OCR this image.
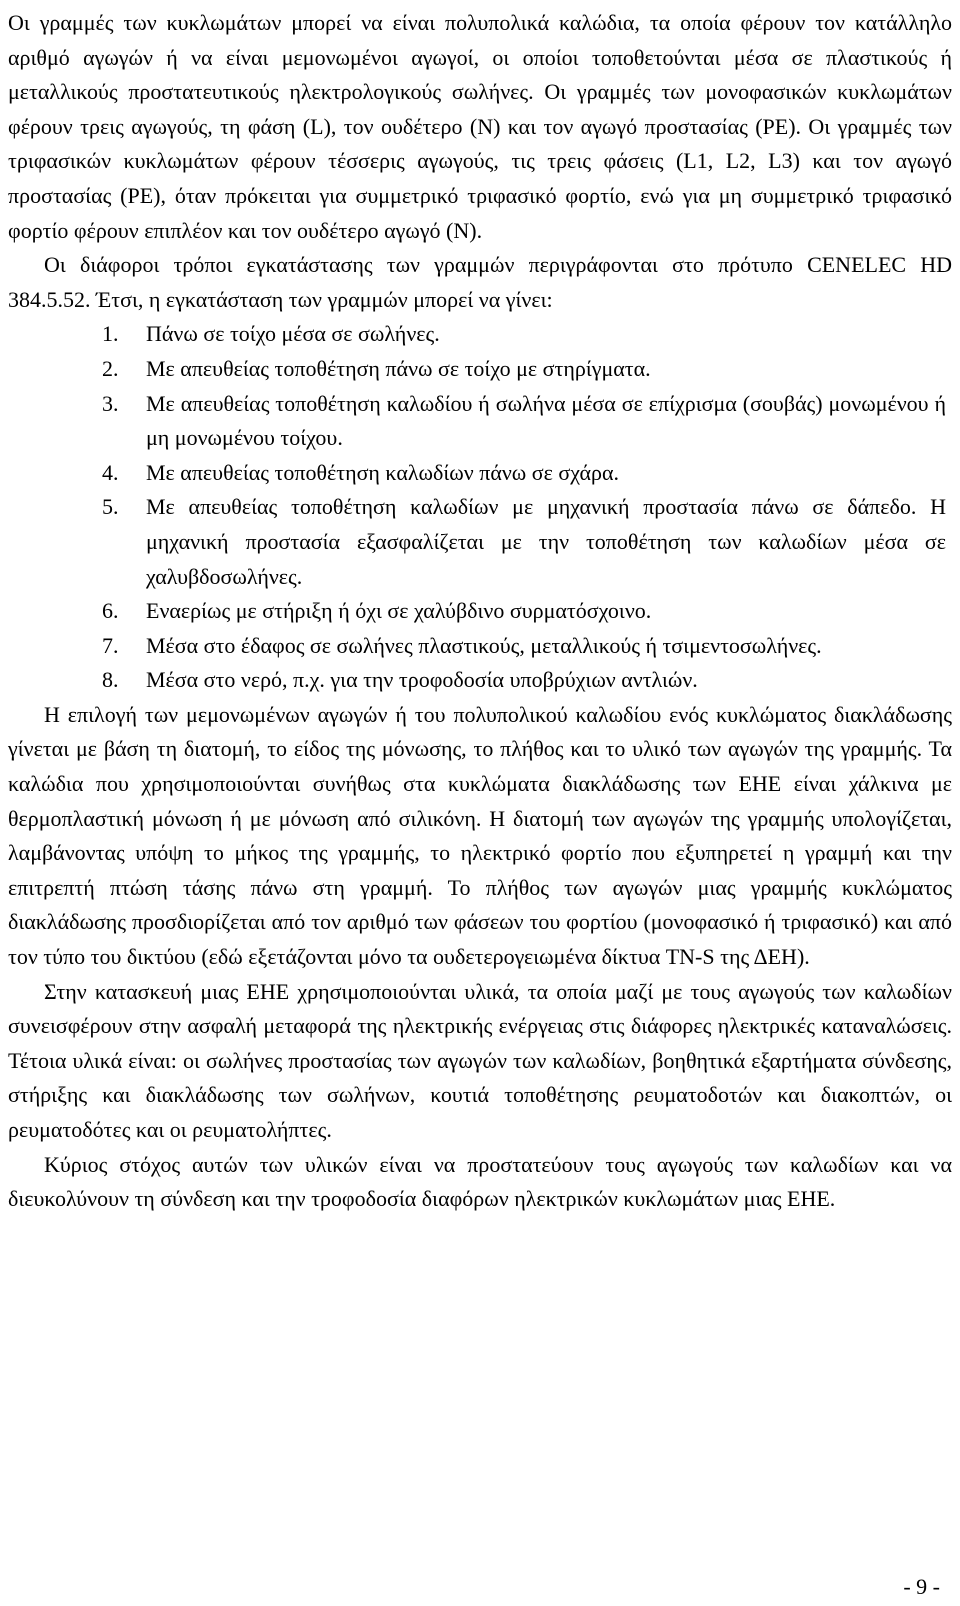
Οι γραμμές των κυκλωμάτων μπορεί να είναι πολυπολικά καλώδια, τα οποία φέρουν τον κατάλληλο αριθμό αγωγών ή να είναι μεμονωμένοι αγωγοί, οι οποίοι τοποθετούνται μέσα σε πλαστικούς ή μεταλλικούς προστατευτικούς ηλεκτρολογικούς σωλήνες. Οι γραμμές των μονοφασικών κυκλωμάτων φέρουν τρεις αγωγούς, τη φάση (L), τον ουδέτερο (N) και τον αγωγό προστασίας (PE). Οι γραμμές των τριφασικών κυκλωμάτων φέρουν τέσσερις αγωγούς, τις τρεις φάσεις (L1, L2, L3) και τον αγωγό προστασίας (PE), όταν πρόκειται για συμμετρικό τριφασικό φορτίο, ενώ για μη συμμετρικό τριφασικό φορτίο φέρουν επιπλέον και τον ουδέτερο αγωγό (N).

Οι διάφοροι τρόποι εγκατάστασης των γραμμών περιγράφονται στο πρότυπο CENELEC HD 384.5.52. Έτσι, η εγκατάσταση των γραμμών μπορεί να γίνει:

1. Πάνω σε τοίχο μέσα σε σωλήνες.
2. Με απευθείας τοποθέτηση πάνω σε τοίχο με στηρίγματα.
3. Με απευθείας τοποθέτηση καλωδίου ή σωλήνα μέσα σε επίχρισμα (σουβάς) μονωμένου ή μη μονωμένου τοίχου.
4. Με απευθείας τοποθέτηση καλωδίων πάνω σε σχάρα.
5. Με απευθείας τοποθέτηση καλωδίων με μηχανική προστασία πάνω σε δάπεδο. Η μηχανική προστασία εξασφαλίζεται με την τοποθέτηση των καλωδίων μέσα σε χαλυβδοσωλήνες.
6. Εναερίως με στήριξη ή όχι σε χαλύβδινο συρματόσχοινο.
7. Μέσα στο έδαφος σε σωλήνες πλαστικούς, μεταλλικούς ή τσιμεντοσωλήνες.
8. Μέσα στο νερό, π.χ. για την τροφοδοσία υποβρύχιων αντλιών.

Η επιλογή των μεμονωμένων αγωγών ή του πολυπολικού καλωδίου ενός κυκλώματος διακλάδωσης γίνεται με βάση τη διατομή, το είδος της μόνωσης, το πλήθος και το υλικό των αγωγών της γραμμής. Τα καλώδια που χρησιμοποιούνται συνήθως στα κυκλώματα διακλάδωσης των ΕΗΕ είναι χάλκινα με θερμοπλαστική μόνωση ή με μόνωση από σιλικόνη. Η διατομή των αγωγών της γραμμής υπολογίζεται, λαμβάνοντας υπόψη το μήκος της γραμμής, το ηλεκτρικό φορτίο που εξυπηρετεί η γραμμή και την επιτρεπτή πτώση τάσης πάνω στη γραμμή. Το πλήθος των αγωγών μιας γραμμής κυκλώματος διακλάδωσης προσδιορίζεται από τον αριθμό των φάσεων του φορτίου (μονοφασικό ή τριφασικό) και από τον τύπο του δικτύου (εδώ εξετάζονται μόνο τα ουδετερογειωμένα δίκτυα TN-S της ΔΕΗ).

Στην κατασκευή μιας ΕΗΕ χρησιμοποιούνται υλικά, τα οποία μαζί με τους αγωγούς των καλωδίων συνεισφέρουν στην ασφαλή μεταφορά της ηλεκτρικής ενέργειας στις διάφορες ηλεκτρικές καταναλώσεις. Τέτοια υλικά είναι: οι σωλήνες προστασίας των αγωγών των καλωδίων, βοηθητικά εξαρτήματα σύνδεσης, στήριξης και διακλάδωσης των σωλήνων, κουτιά τοποθέτησης ρευματοδοτών και διακοπτών, οι ρευματοδότες και οι ρευματολήπτες.

Κύριος στόχος αυτών των υλικών είναι να προστατεύουν τους αγωγούς των καλωδίων και να διευκολύνουν τη σύνδεση και την τροφοδοσία διαφόρων ηλεκτρικών κυκλωμάτων μιας ΕΗΕ.

- 9 -
